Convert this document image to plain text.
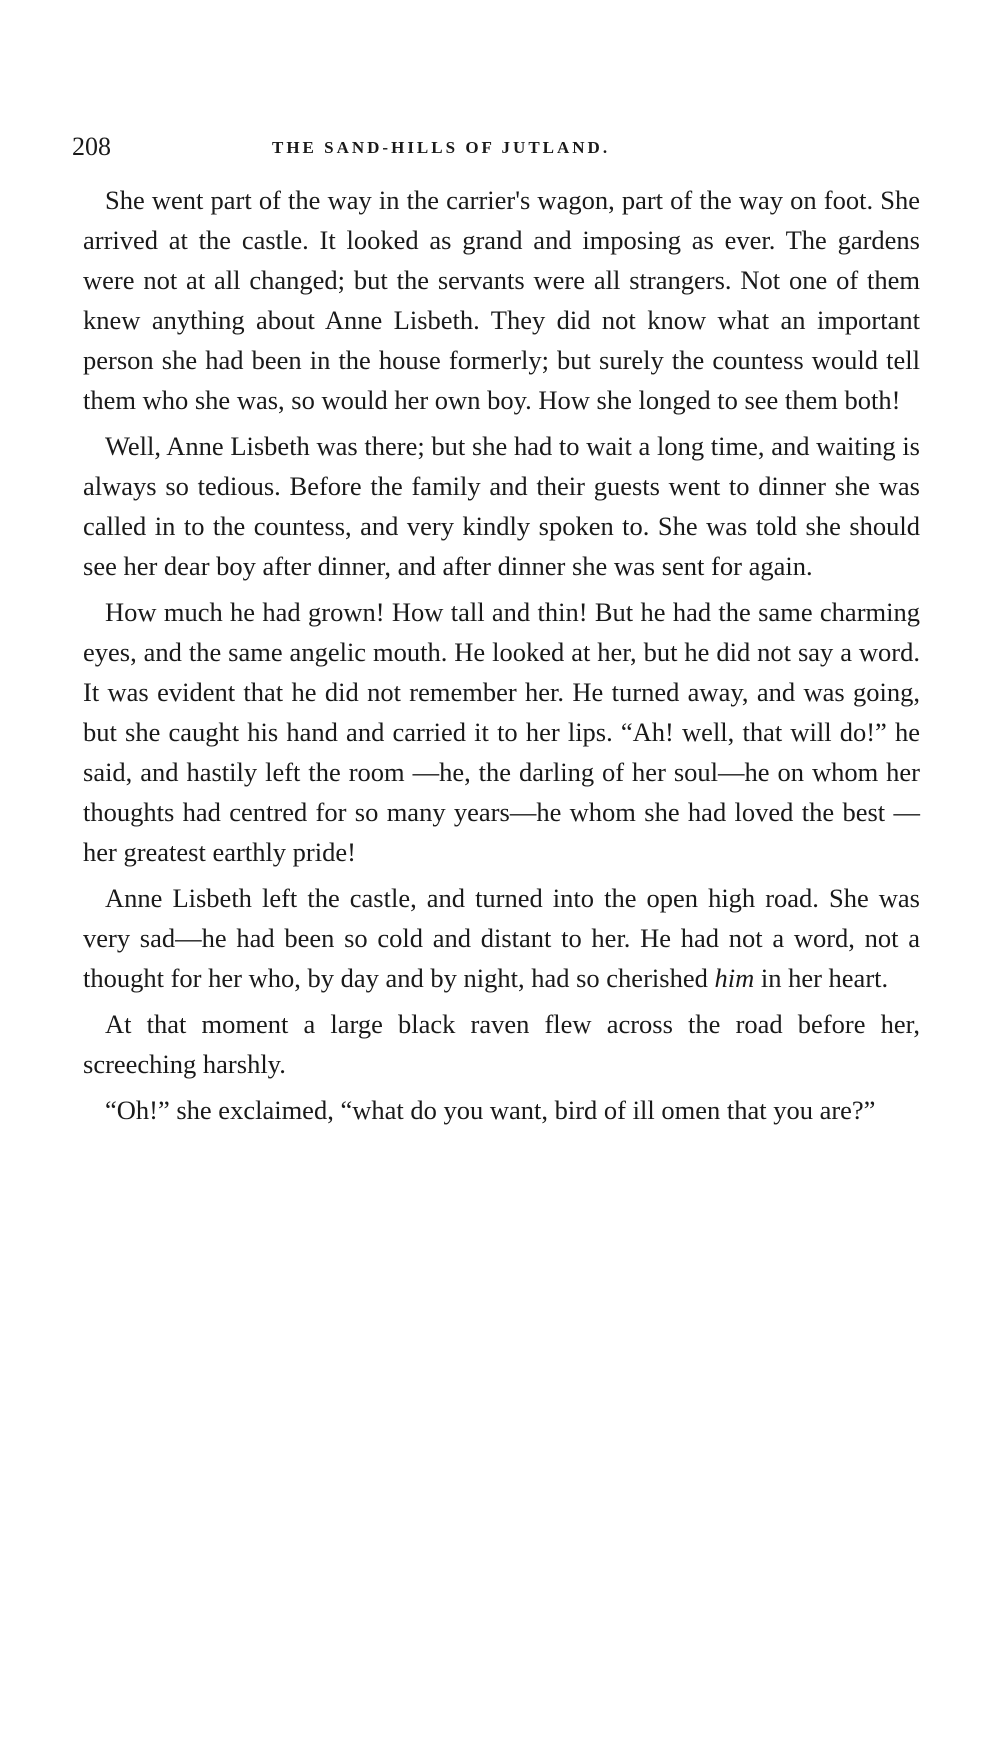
208	THE SAND-HILLS OF JUTLAND.

She went part of the way in the carrier's wagon, part of the way on foot. She arrived at the castle. It looked as grand and imposing as ever. The gardens were not at all changed; but the servants were all strangers. Not one of them knew anything about Anne Lisbeth. They did not know what an important person she had been in the house formerly; but surely the countess would tell them who she was, so would her own boy. How she longed to see them both!

Well, Anne Lisbeth was there; but she had to wait a long time, and waiting is always so tedious. Before the family and their guests went to dinner she was called in to the countess, and very kindly spoken to. She was told she should see her dear boy after dinner, and after dinner she was sent for again.

How much he had grown! How tall and thin! But he had the same charming eyes, and the same angelic mouth. He looked at her, but he did not say a word. It was evident that he did not remember her. He turned away, and was going, but she caught his hand and carried it to her lips. “Ah! well, that will do!” he said, and hastily left the room —he, the darling of her soul—he on whom her thoughts had centred for so many years—he whom she had loved the best —her greatest earthly pride!

Anne Lisbeth left the castle, and turned into the open high road. She was very sad—he had been so cold and distant to her. He had not a word, not a thought for her who, by day and by night, had so cherished him in her heart.

At that moment a large black raven flew across the road before her, screeching harshly.

“Oh!” she exclaimed, “what do you want, bird of ill omen that you are?”
